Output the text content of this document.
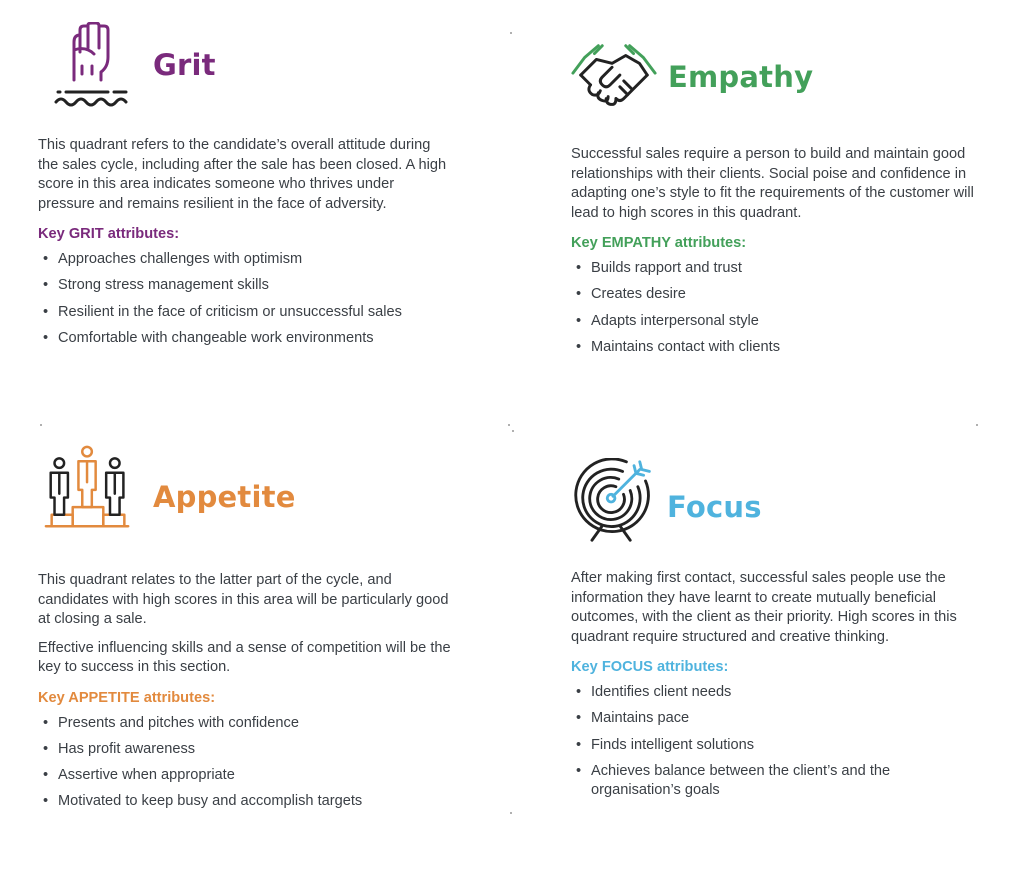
Grit

This quadrant refers to the candidate’s overall attitude during the sales cycle, including after the sale has been closed. A high score in this area indicates someone who thrives under pressure and remains resilient in the face of adversity.

Key GRIT attributes:

• Approaches challenges with optimism
• Strong stress management skills
• Resilient in the face of criticism or unsuccessful sales
• Comfortable with changeable work environments
Empathy

Successful sales require a person to build and maintain good relationships with their clients. Social poise and confidence in adapting one’s style to fit the requirements of the customer will lead to high scores in this quadrant.

Key EMPATHY attributes:

• Builds rapport and trust
• Creates desire
• Adapts interpersonal style
• Maintains contact with clients
Appetite

This quadrant relates to the latter part of the cycle, and candidates with high scores in this area will be particularly good at closing a sale.

Effective influencing skills and a sense of competition will be the key to success in this section.

Key APPETITE attributes:

• Presents and pitches with confidence
• Has profit awareness
• Assertive when appropriate
• Motivated to keep busy and accomplish targets
Focus

After making first contact, successful sales people use the information they have learnt to create mutually beneficial outcomes, with the client as their priority. High scores in this quadrant require structured and creative thinking.

Key FOCUS attributes:

• Identifies client needs
• Maintains pace
• Finds intelligent solutions
• Achieves balance between the client’s and the organisation’s goals
